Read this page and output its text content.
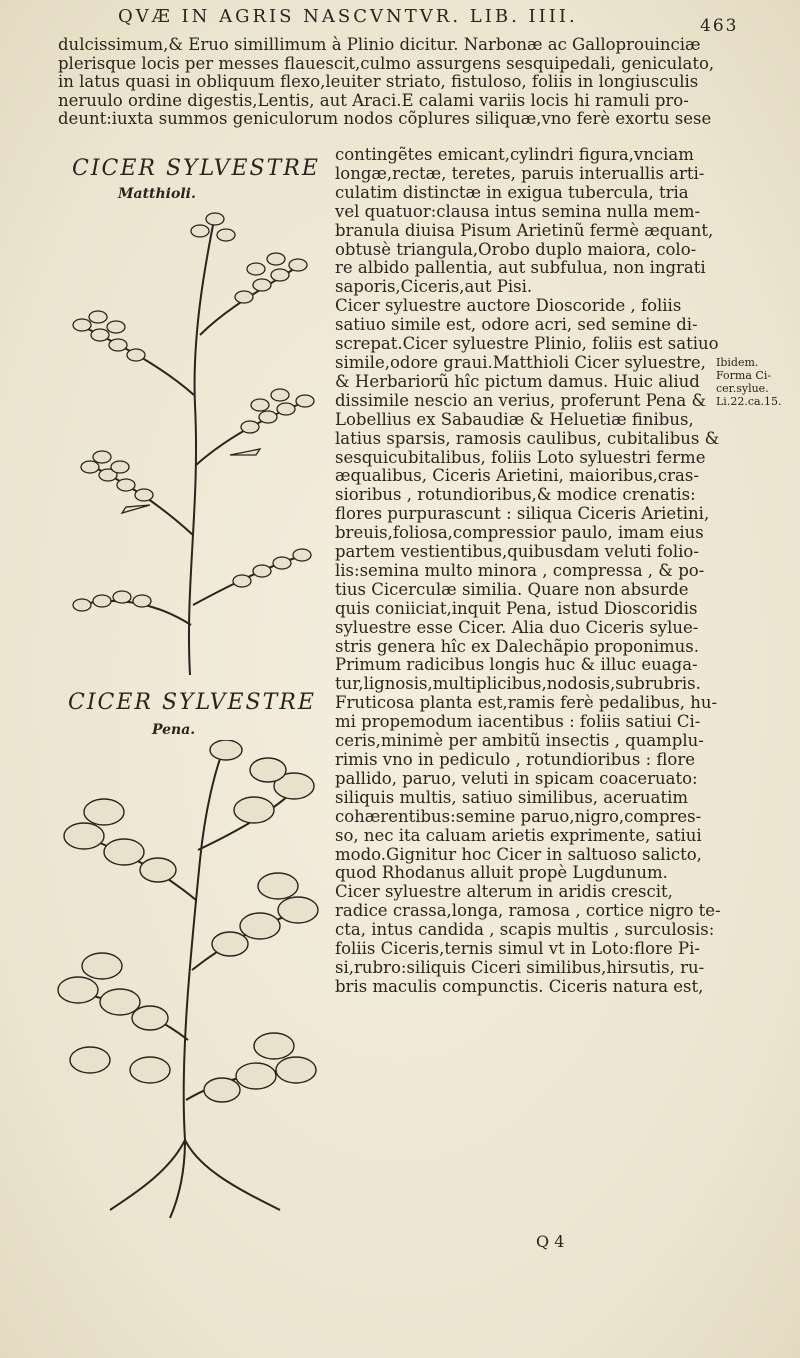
QVÆ IN AGRIS NASCVNTVR. LIB. IIII.	463

dulcissimum,& Eruo simillimum à Plinio dicitur. Narbonæ ac Galloprouinciæ

plerisque locis per messes flauescit,culmo assurgens sesquipedali, geniculato,

in latus quasi in obliquum flexo,leuiter striato, fistuloso, foliis in longiusculis

neruulo ordine digestis,Lentis, aut Araci.E calami variis locis hi ramuli pro-

deunt:iuxta summos geniculorum nodos cõplures siliquæ,vno ferè exortu sese

CICER SYLVESTRE
Matthioli.
CICER SYLVESTRE
Pena.

contingẽtes emicant,cylindri figura,vnciam

longæ,rectæ, teretes, paruis interuallis arti-

culatim distinctæ in exigua tubercula, tria

vel quatuor:clausa intus semina nulla mem-

branula diuisa Pisum Arietinũ fermè æquant,

obtusè triangula,Orobo duplo maiora, colo-

re albido pallentia, aut subfulua, non ingrati

saporis,Ciceris,aut Pisi.

Cicer syluestre auctore Dioscoride , foliis

satiuo simile est, odore acri, sed semine di-

screpat.Cicer syluestre Plinio, foliis est satiuo

simile,odore graui.Matthioli Cicer syluestre,

& Herbariorũ hîc pictum damus. Huic aliud

dissimile nescio an verius, proferunt Pena &

Lobellius ex Sabaudiæ & Heluetiæ finibus,

latius sparsis, ramosis caulibus, cubitalibus &

sesquicubitalibus, foliis Loto syluestri ferme

æqualibus, Ciceris Arietini, maioribus,cras-

sioribus , rotundioribus,& modice crenatis:

flores purpurascunt : siliqua Ciceris Arietini,

breuis,foliosa,compressior paulo, imam eius

partem vestientibus,quibusdam veluti folio-

lis:semina multo minora , compressa , & po-

tius Cicerculæ similia. Quare non absurde

quis coniiciat,inquit Pena, istud Dioscoridis

syluestre esse Cicer. Alia duo Ciceris sylue-

stris genera hîc ex Dalechãpio proponimus.

Primum radicibus longis huc & illuc euaga-

tur,lignosis,multiplicibus,nodosis,subrubris.

Fruticosa planta est,ramis ferè pedalibus, hu-

mi propemodum iacentibus : foliis satiui Ci-

ceris,minimè per ambitũ insectis , quamplu-

rimis vno in pediculo , rotundioribus : flore

pallido, paruo, veluti in spicam coaceruato:

siliquis multis, satiuo similibus, aceruatim

cohærentibus:semine paruo,nigro,compres-

so, nec ita caluam arietis exprimente, satiui

modo.Gignitur hoc Cicer in saltuoso salicto,

quod Rhodanus alluit propè Lugdunum.

Cicer syluestre alterum in aridis crescit,

radice crassa,longa, ramosa , cortice nigro te-

cta, intus candida , scapis multis , surculosis:

foliis Ciceris,ternis simul vt in Loto:flore Pi-

si,rubro:siliquis Ciceri similibus,hirsutis, ru-

bris maculis compunctis. Ciceris natura est,

Ibidem.
Forma Ci-
cer.sylue.
Li.22.ca.15.
Q 4
